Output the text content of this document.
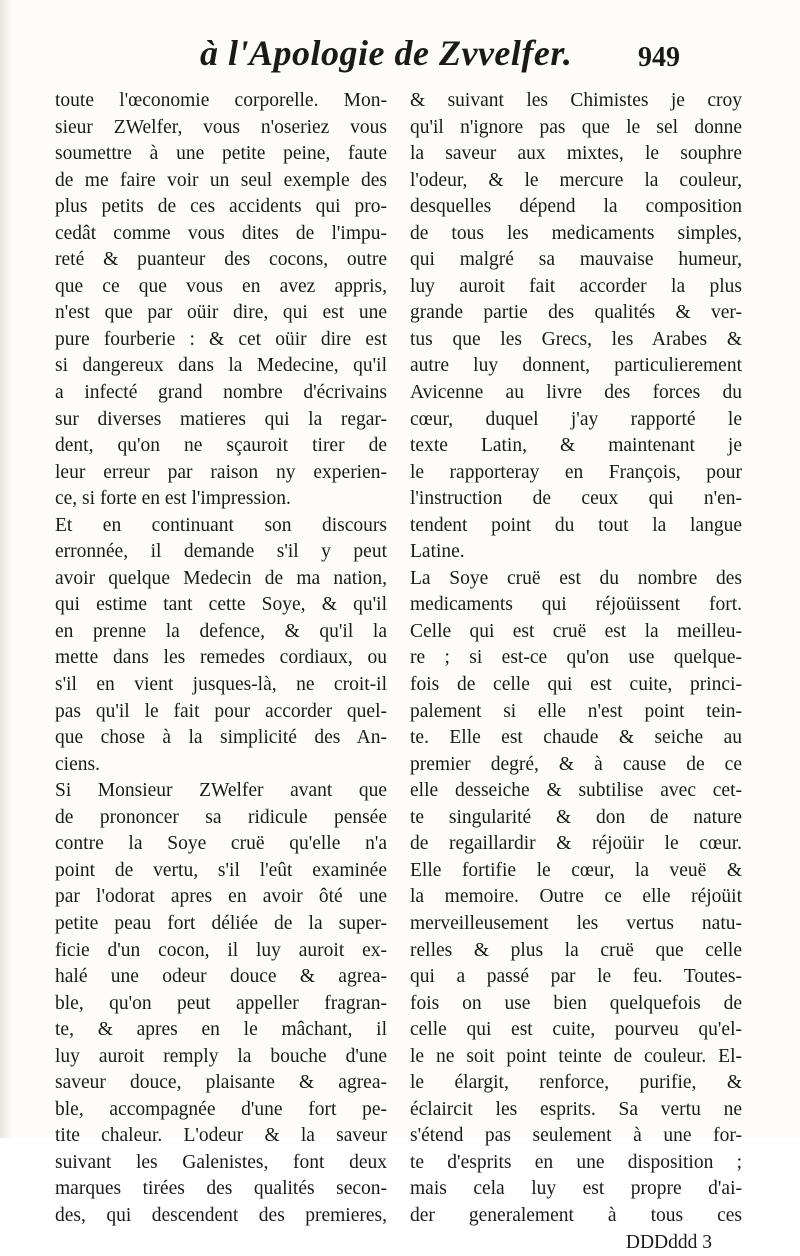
à l'Apologie de Zvvelfer. 949
toute l'œconomie corporelle. Mon-
sieur ZWelfer, vous n'oseriez vous
soumettre à une petite peine, faute
de me faire voir un seul exemple des
plus petits de ces accidents qui pro-
cedât comme vous dites de l'impu-
reté & puanteur des cocons, outre
que ce que vous en avez appris,
n'est que par oüir dire, qui est une
pure fourberie : & cet oüir dire est
si dangereux dans la Medecine, qu'il
a infecté grand nombre d'écrivains
sur diverses matieres qui la regar-
dent, qu'on ne sçauroit tirer de
leur erreur par raison ny experien-
ce, si forte en est l'impression.
Et en continuant son discours
erronnée, il demande s'il y peut
avoir quelque Medecin de ma nation,
qui estime tant cette Soye, & qu'il
en prenne la defence, & qu'il la
mette dans les remedes cordiaux, ou
s'il en vient jusques-là, ne croit-il
pas qu'il le fait pour accorder quel-
que chose à la simplicité des An-
ciens.
Si Monsieur ZWelfer avant que
de prononcer sa ridicule pensée
contre la Soye cruë qu'elle n'a
point de vertu, s'il l'eût examinée
par l'odorat apres en avoir ôté une
petite peau fort déliée de la super-
ficie d'un cocon, il luy auroit ex-
halé une odeur douce & agrea-
ble, qu'on peut appeller fragran-
te, & apres en le mâchant, il
luy auroit remply la bouche d'une
saveur douce, plaisante & agrea-
ble, accompagnée d'une fort pe-
tite chaleur. L'odeur & la saveur
suivant les Galenistes, font deux
marques tirées des qualités secon-
des, qui descendent des premieres,
& suivant les Chimistes je croy
qu'il n'ignore pas que le sel donne
la saveur aux mixtes, le souphre
l'odeur, & le mercure la couleur,
desquelles dépend la composition
de tous les medicaments simples,
qui malgré sa mauvaise humeur,
luy auroit fait accorder la plus
grande partie des qualités & ver-
tus que les Grecs, les Arabes &
autre luy donnent, particulierement
Avicenne au livre des forces du
cœur, duquel j'ay rapporté le
texte Latin, & maintenant je
le rapporteray en François, pour
l'instruction de ceux qui n'en-
tendent point du tout la langue
Latine.
La Soye cruë est du nombre des
medicaments qui réjoüissent fort.
Celle qui est cruë est la meilleu-
re ; si est-ce qu'on use quelque-
fois de celle qui est cuite, princi-
palement si elle n'est point tein-
te. Elle est chaude & seiche au
premier degré, & à cause de ce
elle desseiche & subtilise avec cet-
te singularité & don de nature
de regaillardir & réjoüir le cœur.
Elle fortifie le cœur, la veuë &
la memoire. Outre ce elle réjoüit
merveilleusement les vertus natu-
relles & plus la cruë que celle
qui a passé par le feu. Toutes-
fois on use bien quelquefois de
celle qui est cuite, pourveu qu'el-
le ne soit point teinte de couleur. El-
le élargit, renforce, purifie, &
éclaircit les esprits. Sa vertu ne
s'étend pas seulement à une for-
te d'esprits en une disposition ;
mais cela luy est propre d'ai-
der generalement à tous ces
DDDddd 3
